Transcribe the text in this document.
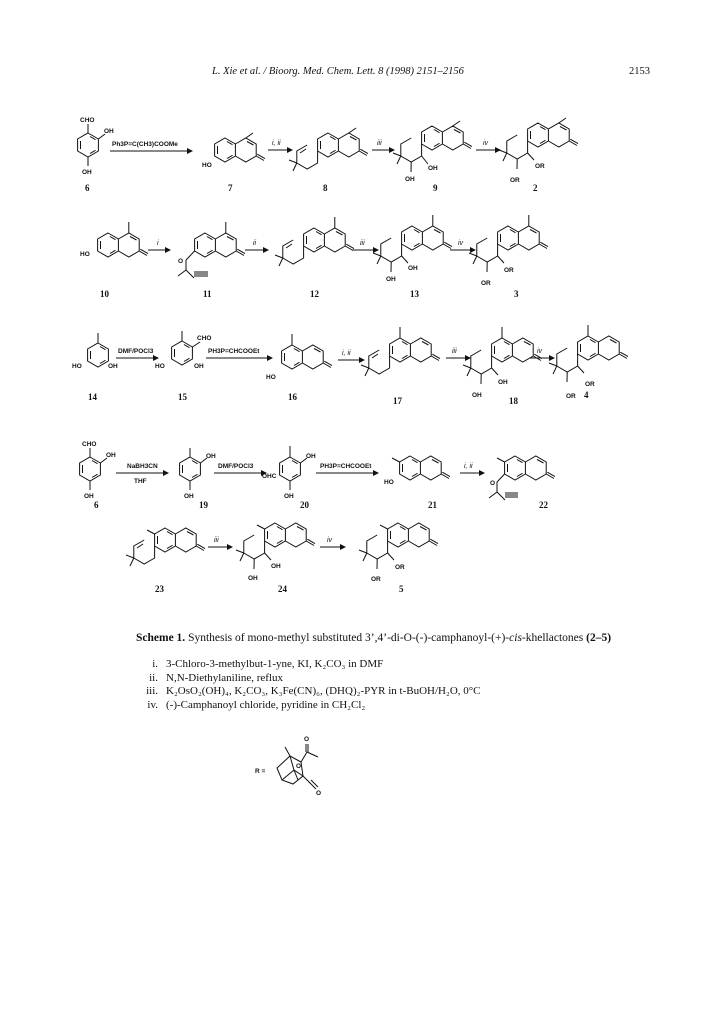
L. Xie et al. / Bioorg. Med. Chem. Lett. 8 (1998) 2151–2156	2153
CHO
OH
OH
6
Ph3P=C(CH3)COOMe
HO
7
i, ii
8
iii
OH
OH
9
iv
OR
OR
2
HO
10
i
O
11
ii
12
iii
OH
OH
13
iv
OR
OR
3
HO	OH
14
DMF/POCl3
CHO
HO	OH
15
PH3P=CHCOOEt
HO
16
i, ii
17
iii
OH
OH
18
iv
OR
OR
4
CHO
OH
OH
6
NaBH3CN
THF
OH
OH
19
DMF/POCl3
OH
OHC
OH
20
PH3P=CHCOOEt
HO
21
i, ii
O
22
23
iii
OH
OH
24
iv
OR
OR
5
R =
O
O
O
Scheme 1. Synthesis of mono-methyl substituted 3’,4’-di-O-(-)-camphanoyl-(+)-cis-khellactones (2–5)
i. 3-Chloro-3-methylbut-1-yne, KI, K₂CO₃ in DMF
ii. N,N-Diethylaniline, reflux
iii. K₂OsO₂(OH)₄, K₂CO₃, K₃Fe(CN)₆, (DHQ)₂-PYR in t-BuOH/H₂O, 0°C
iv. (-)-Camphanoyl chloride, pyridine in CH₂Cl₂
